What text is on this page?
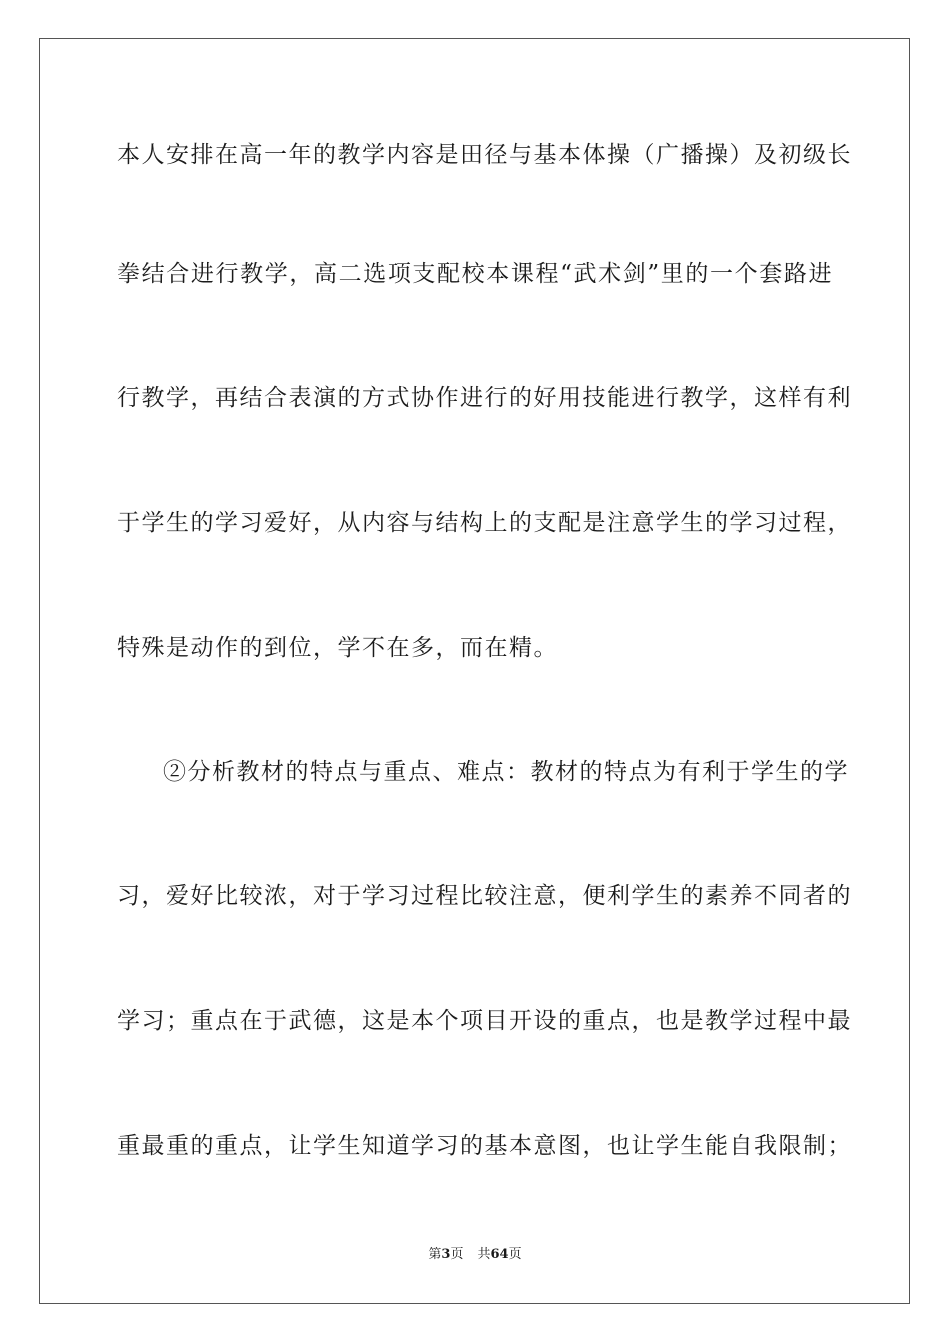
本人安排在高一年的教学内容是田径与基本体操（广播操）及初级长
拳结合进行教学，高二选项支配校本课程“武术剑”里的一个套路进
行教学，再结合表演的方式协作进行的好用技能进行教学，这样有利
于学生的学习爱好，从内容与结构上的支配是注意学生的学习过程，
特殊是动作的到位，学不在多，而在精。
②分析教材的特点与重点、难点：教材的特点为有利于学生的学
习，爱好比较浓，对于学习过程比较注意，便利学生的素养不同者的
学习；重点在于武德，这是本个项目开设的重点，也是教学过程中最
重最重的重点，让学生知道学习的基本意图，也让学生能自我限制；
第3页 共64页
